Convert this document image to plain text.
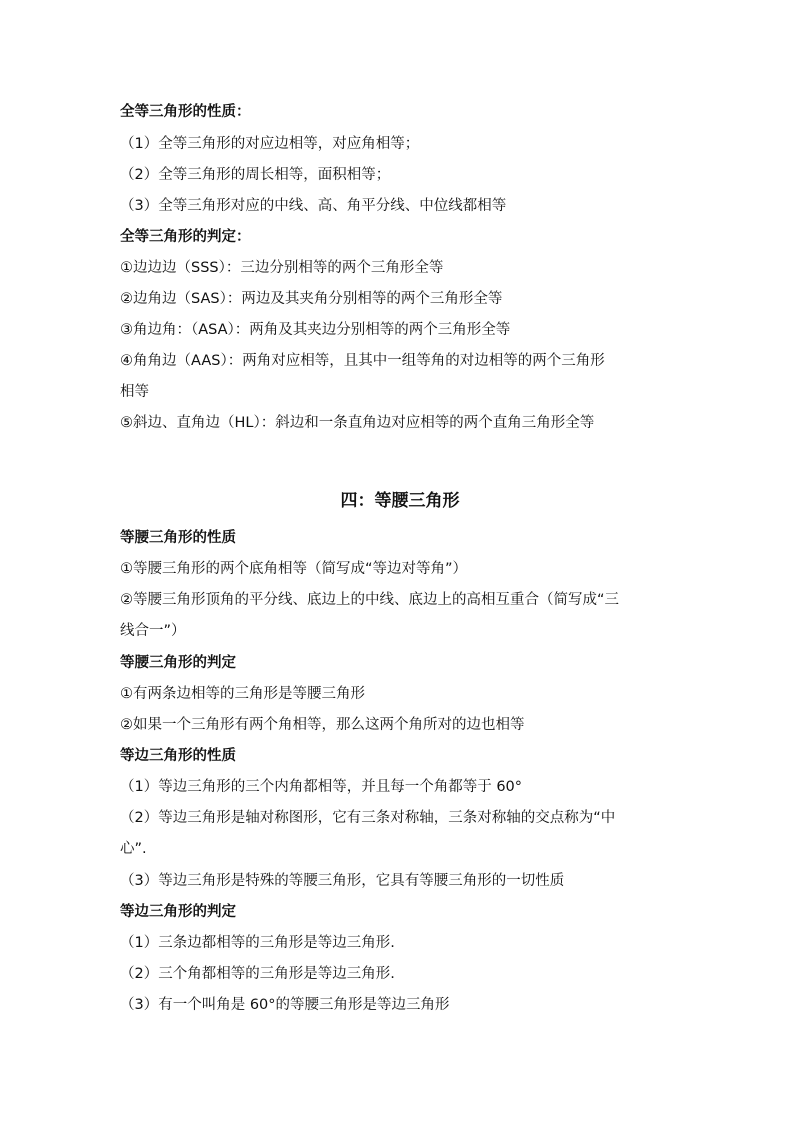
全等三角形的性质：
（1）全等三角形的对应边相等，对应角相等；
（2）全等三角形的周长相等，面积相等；
（3）全等三角形对应的中线、高、角平分线、中位线都相等
全等三角形的判定：
①边边边（SSS）：三边分别相等的两个三角形全等
②边角边（SAS）：两边及其夹角分别相等的两个三角形全等
③角边角：（ASA）：两角及其夹边分别相等的两个三角形全等
④角角边（AAS）：两角对应相等，且其中一组等角的对边相等的两个三角形
相等
⑤斜边、直角边（HL）：斜边和一条直角边对应相等的两个直角三角形全等
四：等腰三角形
等腰三角形的性质
①等腰三角形的两个底角相等（简写成“等边对等角”）
②等腰三角形顶角的平分线、底边上的中线、底边上的高相互重合（简写成“三
线合一”）
等腰三角形的判定
①有两条边相等的三角形是等腰三角形
②如果一个三角形有两个角相等，那么这两个角所对的边也相等
等边三角形的性质
（1）等边三角形的三个内角都相等，并且每一个角都等于 60°
（2）等边三角形是轴对称图形，它有三条对称轴，三条对称轴的交点称为“中
心”.
（3）等边三角形是特殊的等腰三角形，它具有等腰三角形的一切性质
等边三角形的判定
（1）三条边都相等的三角形是等边三角形.
（2）三个角都相等的三角形是等边三角形.
（3）有一个叫角是 60°的等腰三角形是等边三角形
